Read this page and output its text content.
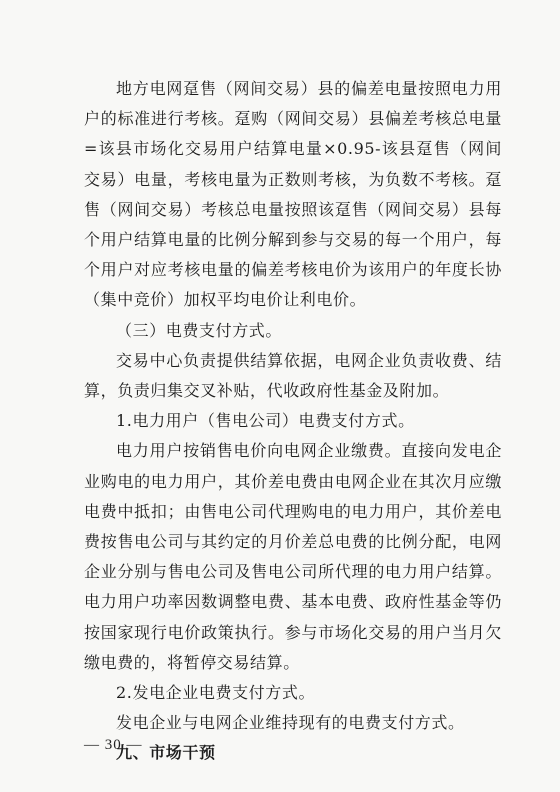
地方电网趸售（网间交易）县的偏差电量按照电力用户的标准进行考核。趸购（网间交易）县偏差考核总电量=该县市场化交易用户结算电量×0.95-该县趸售（网间交易）电量，考核电量为正数则考核，为负数不考核。趸售（网间交易）考核总电量按照该趸售（网间交易）县每个用户结算电量的比例分解到参与交易的每一个用户，每个用户对应考核电量的偏差考核电价为该用户的年度长协（集中竞价）加权平均电价让利电价。

（三）电费支付方式。

交易中心负责提供结算依据，电网企业负责收费、结算，负责归集交叉补贴，代收政府性基金及附加。

1.电力用户（售电公司）电费支付方式。

电力用户按销售电价向电网企业缴费。直接向发电企业购电的电力用户，其价差电费由电网企业在其次月应缴电费中抵扣；由售电公司代理购电的电力用户，其价差电费按售电公司与其约定的月价差总电费的比例分配，电网企业分别与售电公司及售电公司所代理的电力用户结算。电力用户功率因数调整电费、基本电费、政府性基金等仍按国家现行电价政策执行。参与市场化交易的用户当月欠缴电费的，将暂停交易结算。

2.发电企业电费支付方式。

发电企业与电网企业维持现有的电费支付方式。

九、市场干预

— 30 —
